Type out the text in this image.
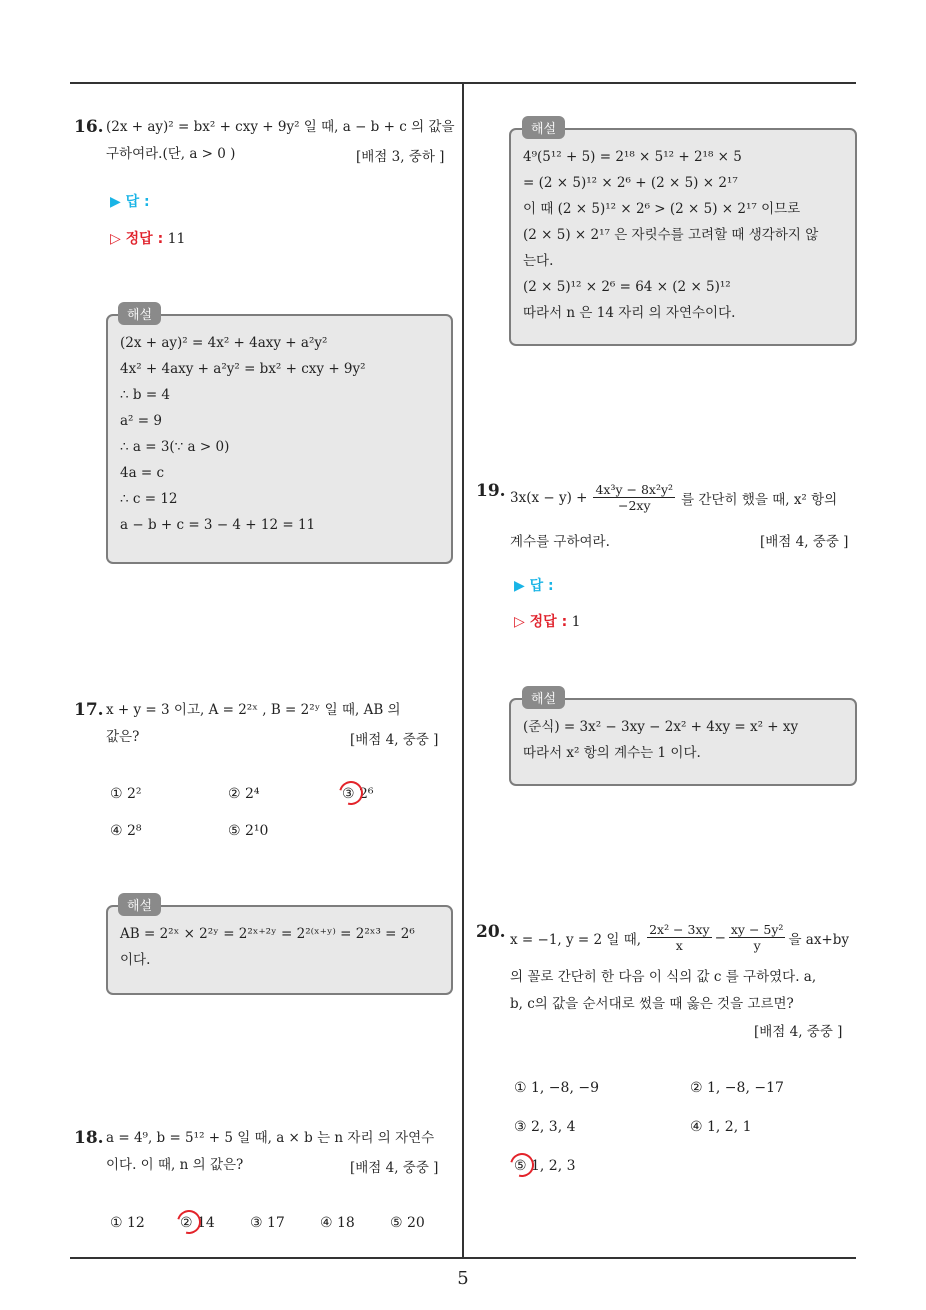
16. (2x + ay)² = bx² + cxy + 9y² 일 때, a − b + c 의 값을
구하여라.(단, a > 0 )	[배점 3, 중하 ]
▶ 답 :
▷ 정답 : 11
(2x + ay)² = 4x² + 4axy + a²y²
4x² + 4axy + a²y² = bx² + cxy + 9y²
∴ b = 4
a² = 9
∴ a = 3(∵ a > 0)
4a = c
∴ c = 12
a − b + c = 3 − 4 + 12 = 11
해설
17. x + y = 3 이고, A = 2²ˣ , B = 2²ʸ 일 때, AB 의
값은?	[배점 4, 중중 ]
① 2²	② 2⁴	③ 2⁶
④ 2⁸	⑤ 2¹0
AB = 2²ˣ × 2²ʸ = 2²ˣ⁺²ʸ = 2²⁽ˣ⁺ʸ⁾ = 2²ˣ³ = 2⁶
이다.
해설
18. a = 4⁹, b = 5¹² + 5 일 때, a × b 는 n 자리 의 자연수
이다. 이 때, n 의 값은?	[배점 4, 중중 ]
① 12	② 14	③ 17	④ 18	⑤ 20
4⁹(5¹² + 5) = 2¹⁸ × 5¹² + 2¹⁸ × 5
= (2 × 5)¹² × 2⁶ + (2 × 5) × 2¹⁷
이 때 (2 × 5)¹² × 2⁶ > (2 × 5) × 2¹⁷ 이므로
(2 × 5) × 2¹⁷ 은 자릿수를 고려할 때 생각하지 않
는다.
(2 × 5)¹² × 2⁶ = 64 × (2 × 5)¹²
따라서 n 은 14 자리 의 자연수이다.
해설
19. $3x(x - y) + \frac{\text{4x³y − 8x²y²}}{-2xy}$ 를 간단히 했을 때, x² 항의
계수를 구하여라.	[배점 4, 중중 ]
▶ 답 :
▷ 정답 : 1
(준식) = 3x² − 3xy − 2x² + 4xy = x² + xy
따라서 x² 항의 계수는 1 이다.
해설
20. x = −1, y = 2 일 때, $\frac{\text{2x² − 3xy}}{x} - \frac{\text{xy − 5y²}}{y}$ 을 ax+by
의 꼴로 간단히 한 다음 이 식의 값 c 를 구하였다. a,
b, c의 값을 순서대로 썼을 때 옳은 것을 고르면?
[배점 4, 중중 ]
① 1, −8, −9	② 1, −8, −17
③ 2, 3, 4	④ 1, 2, 1
⑤ 1, 2, 3
5
